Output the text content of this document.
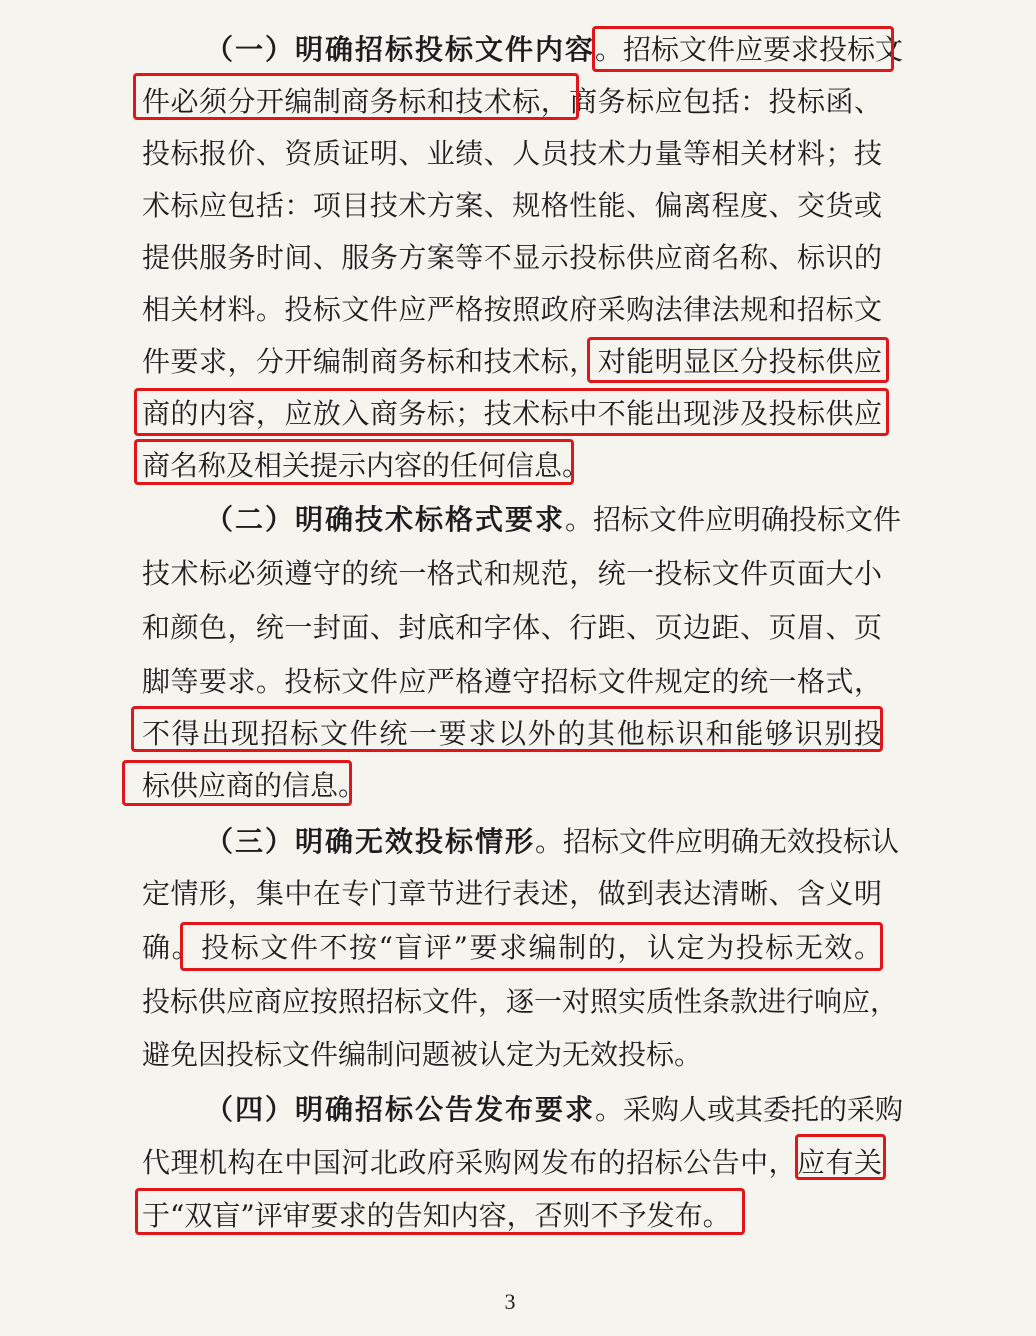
（一）明确招标投标文件内容。招标文件应要求投标文
件必须分开编制商务标和技术标，商务标应包括：投标函、
投标报价、资质证明、业绩、人员技术力量等相关材料；技
术标应包括：项目技术方案、规格性能、偏离程度、交货或
提供服务时间、服务方案等不显示投标供应商名称、标识的
相关材料。投标文件应严格按照政府采购法律法规和招标文
件要求，分开编制商务标和技术标，对能明显区分投标供应
商的内容，应放入商务标；技术标中不能出现涉及投标供应
商名称及相关提示内容的任何信息。
（二）明确技术标格式要求。招标文件应明确投标文件
技术标必须遵守的统一格式和规范，统一投标文件页面大小
和颜色，统一封面、封底和字体、行距、页边距、页眉、页
脚等要求。投标文件应严格遵守招标文件规定的统一格式，
不得出现招标文件统一要求以外的其他标识和能够识别投
标供应商的信息。
（三）明确无效投标情形。招标文件应明确无效投标认
定情形，集中在专门章节进行表述，做到表达清晰、含义明
确。投标文件不按“盲评”要求编制的，认定为投标无效。
投标供应商应按照招标文件，逐一对照实质性条款进行响应，
避免因投标文件编制问题被认定为无效投标。
（四）明确招标公告发布要求。采购人或其委托的采购
代理机构在中国河北政府采购网发布的招标公告中，应有关
于“双盲”评审要求的告知内容，否则不予发布。
3
